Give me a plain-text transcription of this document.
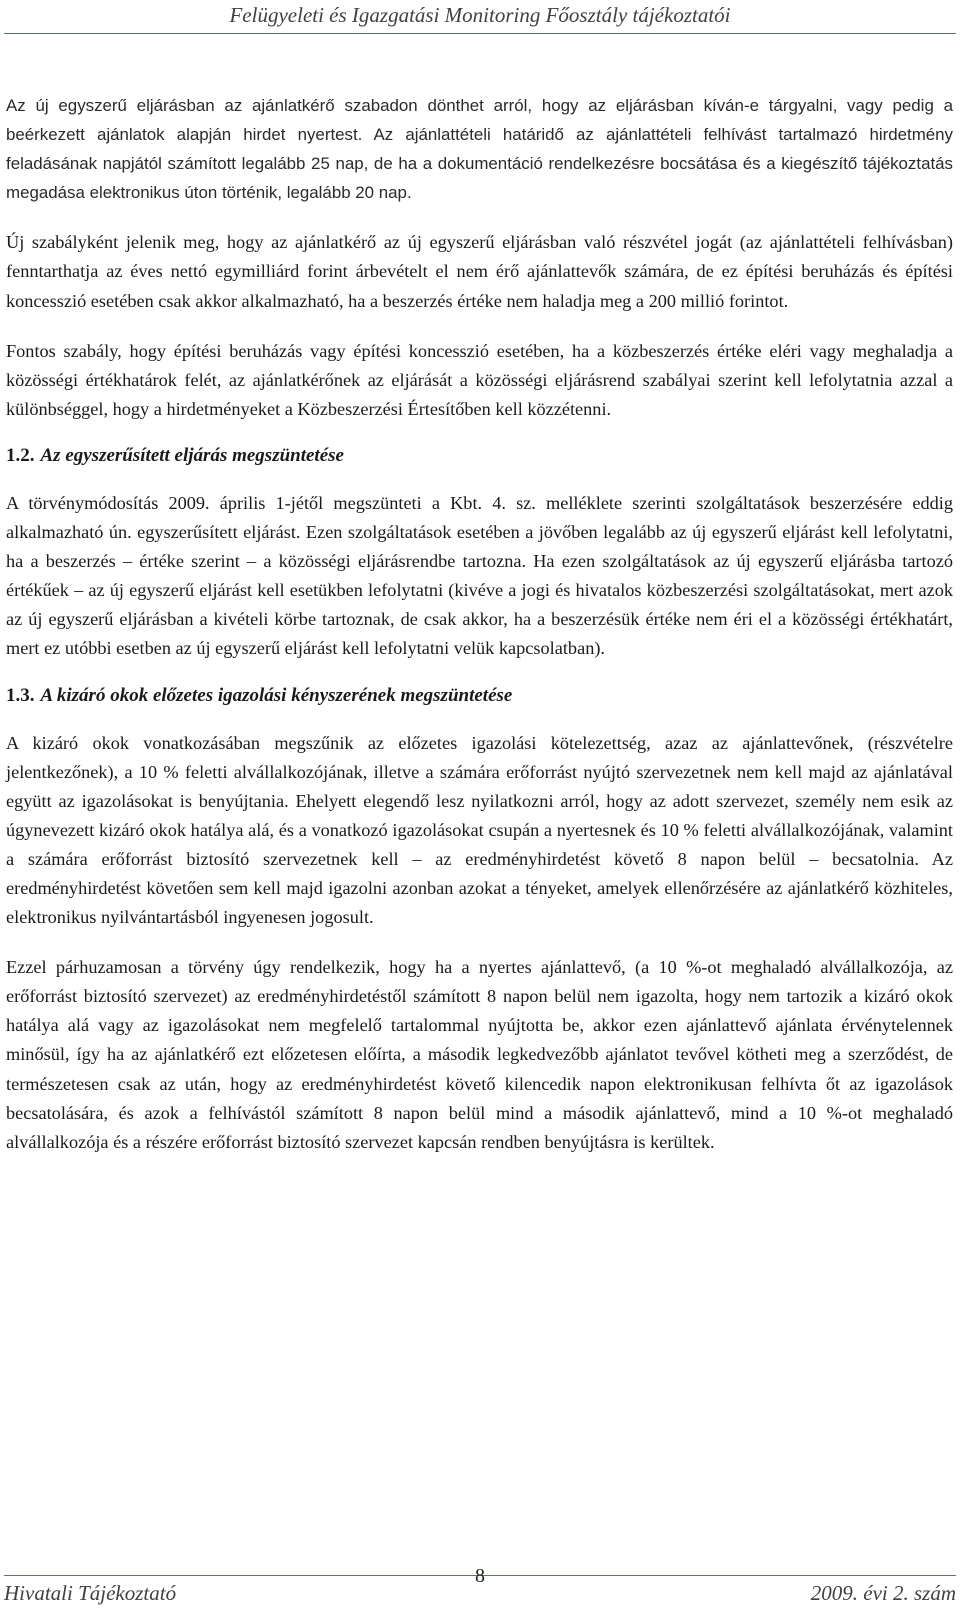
Felügyeleti és Igazgatási Monitoring Főosztály tájékoztatói

Az új egyszerű eljárásban az ajánlatkérő szabadon dönthet arról, hogy az eljárásban kíván-e tárgyalni, vagy pedig a beérkezett ajánlatok alapján hirdet nyertest. Az ajánlattételi határidő az ajánlattételi felhívást tartalmazó hirdetmény feladásának napjától számított legalább 25 nap, de ha a dokumentáció rendelkezésre bocsátása és a kiegészítő tájékoztatás megadása elektronikus úton történik, legalább 20 nap.

Új szabályként jelenik meg, hogy az ajánlatkérő az új egyszerű eljárásban való részvétel jogát (az ajánlattételi felhívásban) fenntarthatja az éves nettó egymilliárd forint árbevételt el nem érő ajánlattevők számára, de ez építési beruházás és építési koncesszió esetében csak akkor alkalmazható, ha a beszerzés értéke nem haladja meg a 200 millió forintot.

Fontos szabály, hogy építési beruházás vagy építési koncesszió esetében, ha a közbeszerzés értéke eléri vagy meghaladja a közösségi értékhatárok felét, az ajánlatkérőnek az eljárását a közösségi eljárásrend szabályai szerint kell lefolytatnia azzal a különbséggel, hogy a hirdetményeket a Közbeszerzési Értesítőben kell közzétenni.

1.2. Az egyszerűsített eljárás megszüntetése

A törvénymódosítás 2009. április 1-jétől megszünteti a Kbt. 4. sz. melléklete szerinti szolgáltatások beszerzésére eddig alkalmazható ún. egyszerűsített eljárást. Ezen szolgáltatások esetében a jövőben legalább az új egyszerű eljárást kell lefolytatni, ha a beszerzés – értéke szerint – a közösségi eljárásrendbe tartozna. Ha ezen szolgáltatások az új egyszerű eljárásba tartozó értékűek – az új egyszerű eljárást kell esetükben lefolytatni (kivéve a jogi és hivatalos közbeszerzési szolgáltatásokat, mert azok az új egyszerű eljárásban a kivételi körbe tartoznak, de csak akkor, ha a beszerzésük értéke nem éri el a közösségi értékhatárt, mert ez utóbbi esetben az új egyszerű eljárást kell lefolytatni velük kapcsolatban).

1.3. A kizáró okok előzetes igazolási kényszerének megszüntetése

A kizáró okok vonatkozásában megszűnik az előzetes igazolási kötelezettség, azaz az ajánlattevőnek, (részvételre jelentkezőnek), a 10 % feletti alvállalkozójának, illetve a számára erőforrást nyújtó szervezetnek nem kell majd az ajánlatával együtt az igazolásokat is benyújtania. Ehelyett elegendő lesz nyilatkozni arról, hogy az adott szervezet, személy nem esik az úgynevezett kizáró okok hatálya alá, és a vonatkozó igazolásokat csupán a nyertesnek és 10 % feletti alvállalkozójának, valamint a számára erőforrást biztosító szervezetnek kell – az eredményhirdetést követő 8 napon belül – becsatolnia. Az eredményhirdetést követően sem kell majd igazolni azonban azokat a tényeket, amelyek ellenőrzésére az ajánlatkérő közhiteles, elektronikus nyilvántartásból ingyenesen jogosult.

Ezzel párhuzamosan a törvény úgy rendelkezik, hogy ha a nyertes ajánlattevő, (a 10 %-ot meghaladó alvállalkozója, az erőforrást biztosító szervezet) az eredményhirdetéstől számított 8 napon belül nem igazolta, hogy nem tartozik a kizáró okok hatálya alá vagy az igazolásokat nem megfelelő tartalommal nyújtotta be, akkor ezen ajánlattevő ajánlata érvénytelennek minősül, így ha az ajánlatkérő ezt előzetesen előírta, a második legkedvezőbb ajánlatot tevővel kötheti meg a szerződést, de természetesen csak az után, hogy az eredményhirdetést követő kilencedik napon elektronikusan felhívta őt az igazolások becsatolására, és azok a felhívástól számított 8 napon belül mind a második ajánlattevő, mind a 10 %-ot meghaladó alvállalkozója és a részére erőforrást biztosító szervezet kapcsán rendben benyújtásra is kerültek.

Hivatali Tájékoztató
8
2009. évi 2. szám
